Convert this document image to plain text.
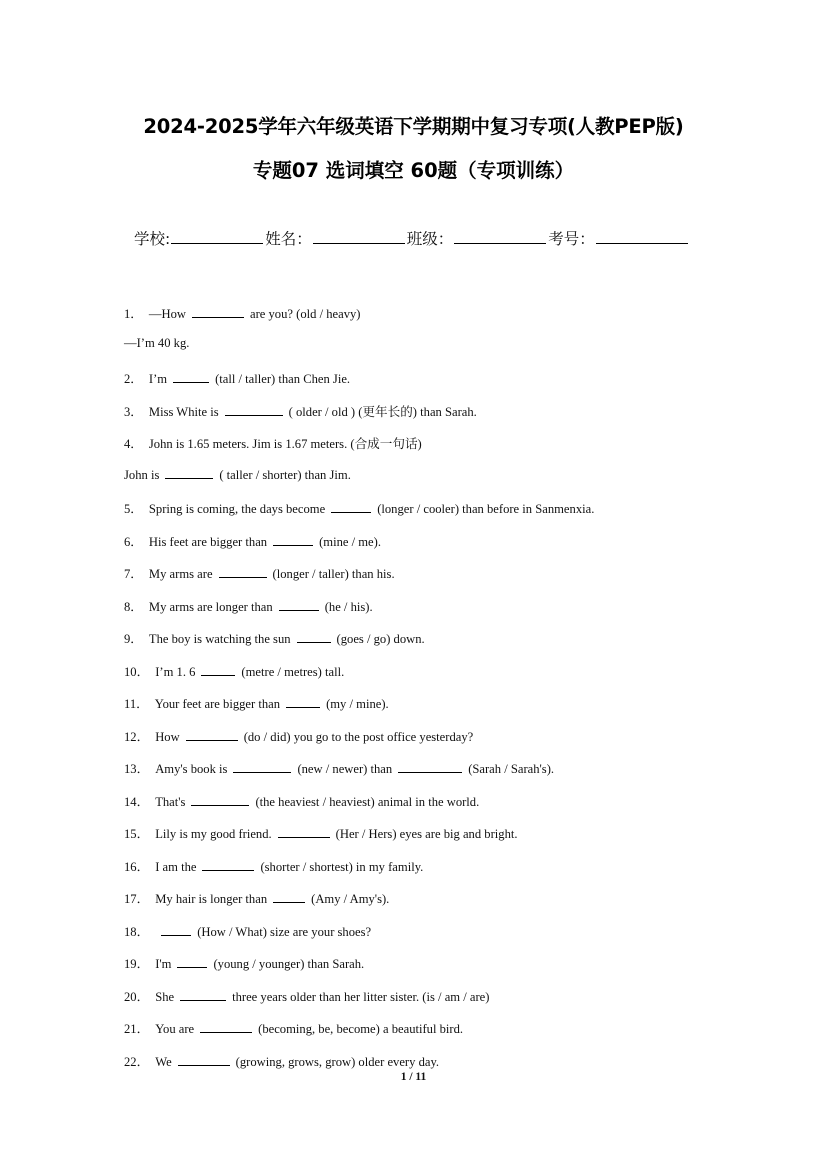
2024-2025学年六年级英语下学期期中复习专项(人教PEP版)
专题07 选词填空 60题（专项训练）
学校:	姓名：	班级：	考号：
1． —How	are you? (old / heavy)
—I’m 40 kg.
2． I’m	(tall / taller) than Chen Jie.
3． Miss White is	( older / old ) (更年长的) than Sarah.
4． John is 1.65 meters. Jim is 1.67 meters. (合成一句话)
John is	( taller / shorter) than Jim.
5． Spring is coming, the days become	(longer / cooler) than before in Sanmenxia.
6． His feet are bigger than	(mine / me).
7． My arms are	(longer / taller) than his.
8． My arms are longer than	(he / his).
9． The boy is watching the sun	(goes / go) down.
10． I’m 1. 6	(metre / metres) tall.
11． Your feet are bigger than	(my / mine).
12． How	(do / did) you go to the post office yesterday?
13． Amy's book is	(new / newer) than	(Sarah / Sarah's).
14． That's	(the heaviest / heaviest) animal in the world.
15． Lily is my good friend.	(Her / Hers) eyes are big and bright.
16． I am the	(shorter / shortest) in my family.
17． My hair is longer than	(Amy / Amy's).
18．	(How / What) size are your shoes?
19． I'm	(young / younger) than Sarah.
20． She	three years older than her litter sister. (is / am / are)
21． You are	(becoming, be, become) a beautiful bird.
22． We	(growing, grows, grow) older every day.
1 / 11
